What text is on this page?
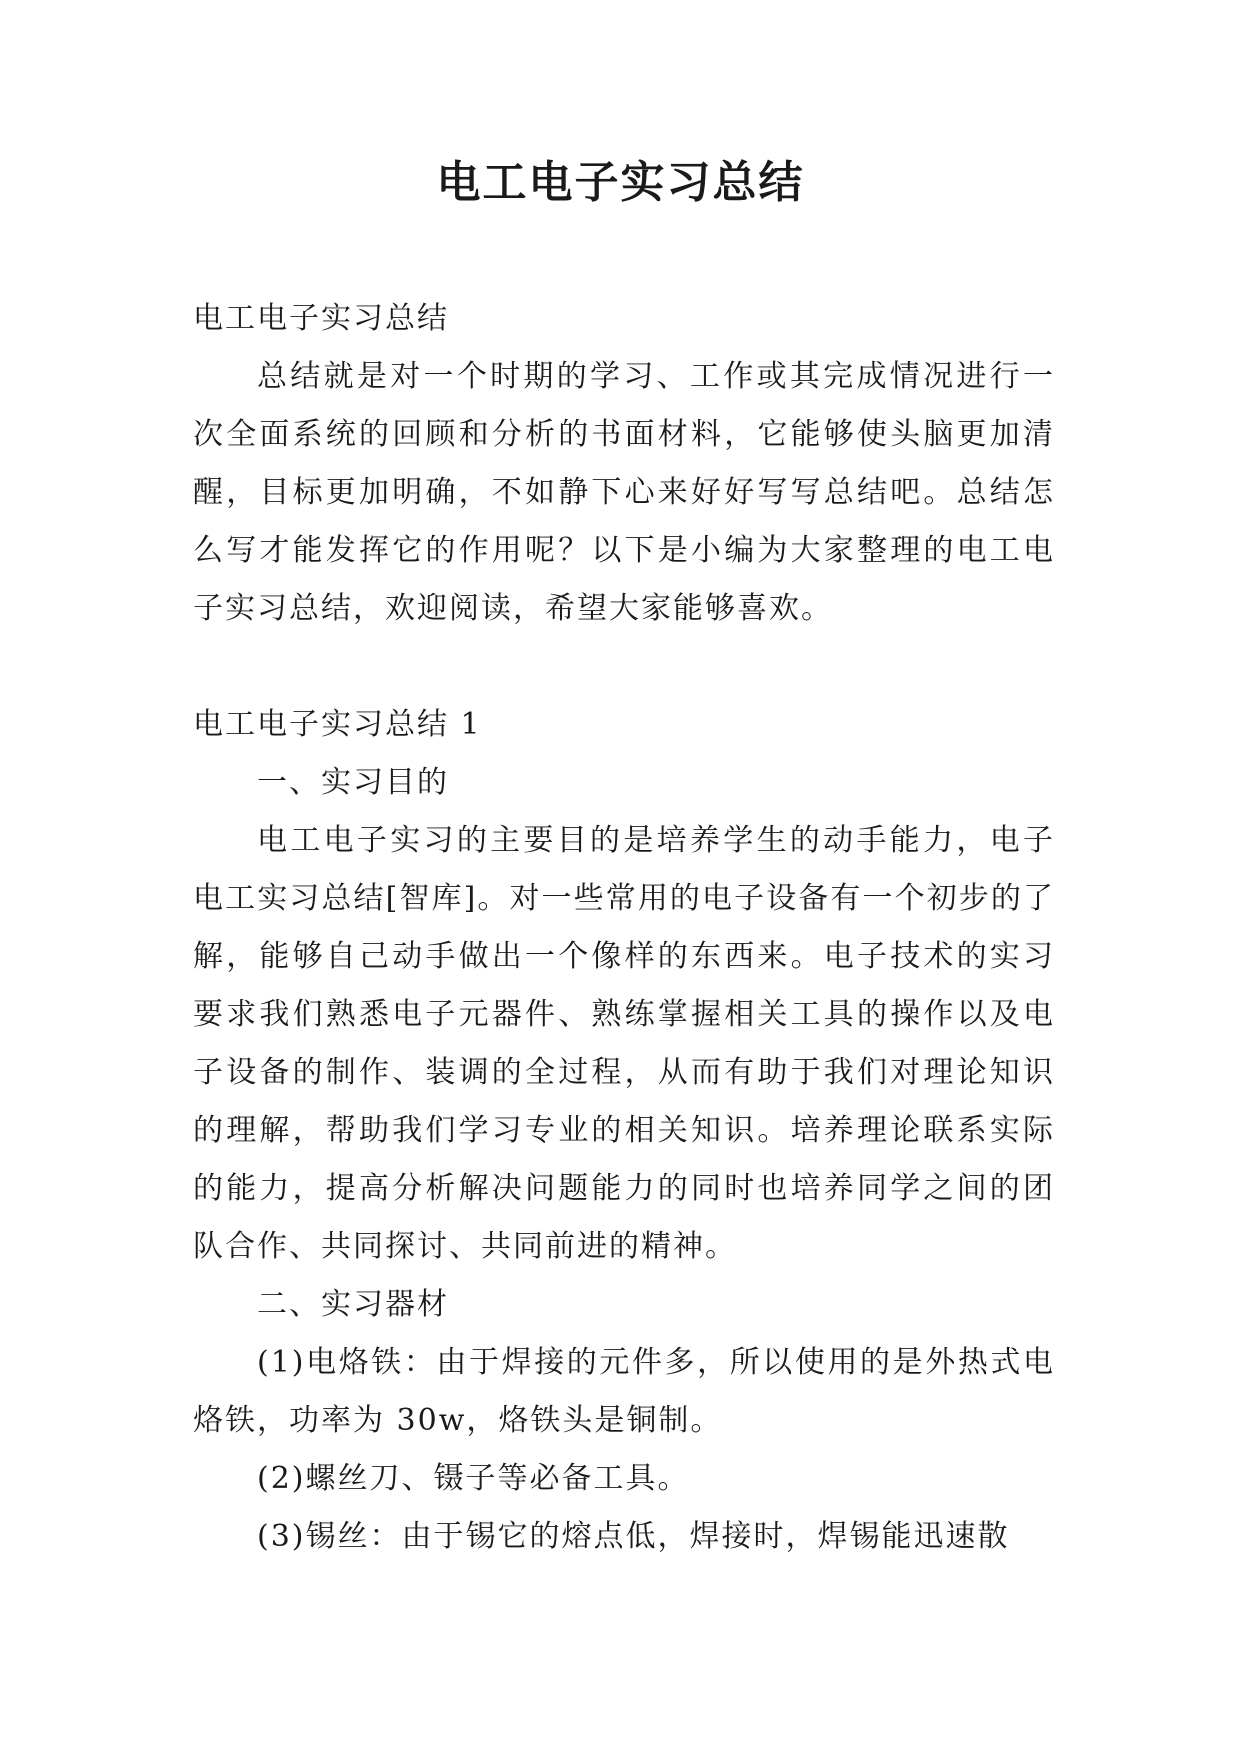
电工电子实习总结

电工电子实习总结

总结就是对一个时期的学习、工作或其完成情况进行一次全面系统的回顾和分析的书面材料，它能够使头脑更加清醒，目标更加明确，不如静下心来好好写写总结吧。总结怎么写才能发挥它的作用呢？以下是小编为大家整理的电工电子实习总结，欢迎阅读，希望大家能够喜欢。

电工电子实习总结 1

一、实习目的

电工电子实习的主要目的是培养学生的动手能力，电子电工实习总结[智库]。对一些常用的电子设备有一个初步的了解，能够自己动手做出一个像样的东西来。电子技术的实习要求我们熟悉电子元器件、熟练掌握相关工具的操作以及电子设备的制作、装调的全过程，从而有助于我们对理论知识的理解，帮助我们学习专业的相关知识。培养理论联系实际的能力，提高分析解决问题能力的同时也培养同学之间的团队合作、共同探讨、共同前进的精神。

二、实习器材

(1)电烙铁：由于焊接的元件多，所以使用的是外热式电烙铁，功率为 30w，烙铁头是铜制。

(2)螺丝刀、镊子等必备工具。

(3)锡丝：由于锡它的熔点低，焊接时，焊锡能迅速散
